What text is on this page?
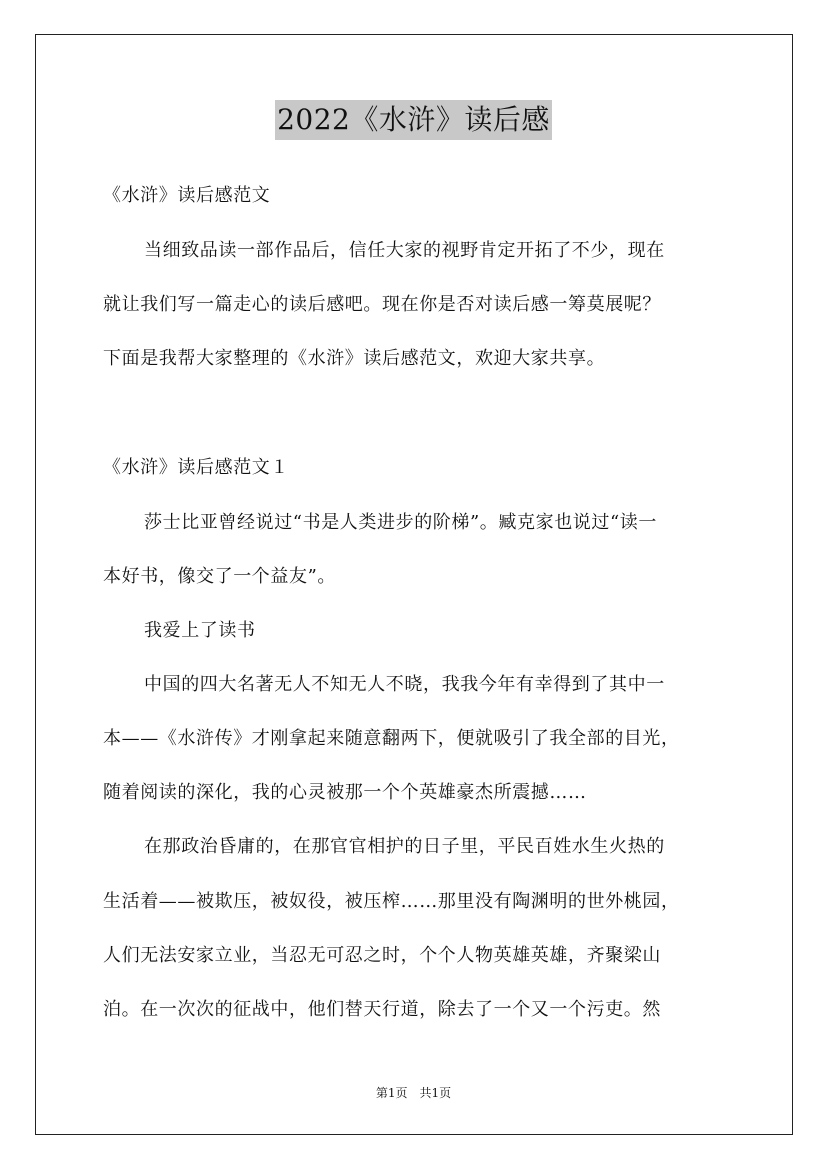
2022《水浒》读后感
《水浒》读后感范文
当细致品读一部作品后，信任大家的视野肯定开拓了不少，现在
就让我们写一篇走心的读后感吧。现在你是否对读后感一筹莫展呢？
下面是我帮大家整理的《水浒》读后感范文，欢迎大家共享。
《水浒》读后感范文１
莎士比亚曾经说过“书是人类进步的阶梯”。臧克家也说过“读一
本好书，像交了一个益友”。
我爱上了读书
中国的四大名著无人不知无人不晓，我我今年有幸得到了其中一
本——《水浒传》才刚拿起来随意翻两下，便就吸引了我全部的目光，
随着阅读的深化，我的心灵被那一个个英雄豪杰所震撼……
在那政治昏庸的，在那官官相护的日子里，平民百姓水生火热的
生活着——被欺压，被奴役，被压榨……那里没有陶渊明的世外桃园，
人们无法安家立业，当忍无可忍之时，个个人物英雄英雄，齐聚梁山
泊。在一次次的征战中，他们替天行道，除去了一个又一个污吏。然
第1页　共1页
